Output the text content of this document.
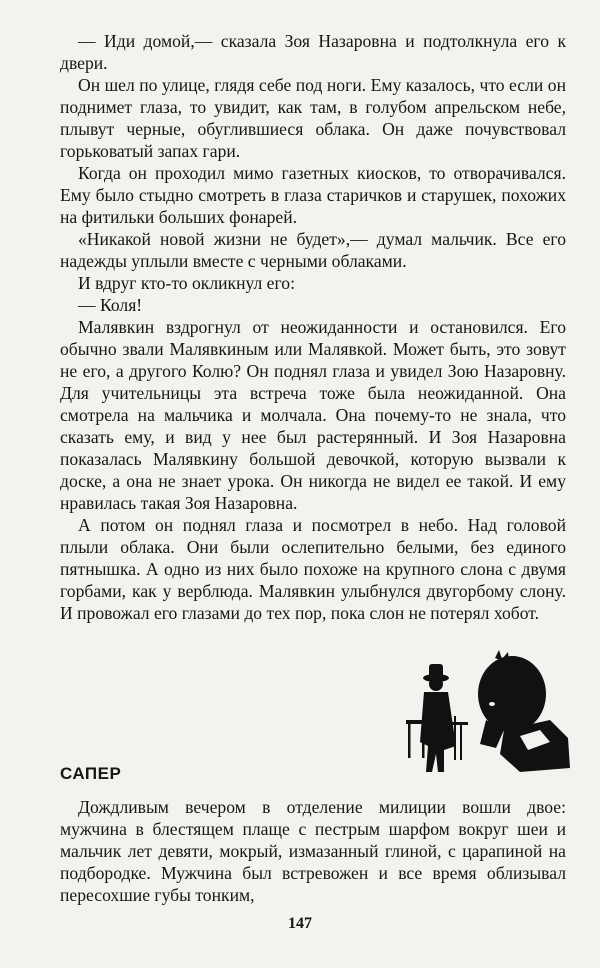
— Иди домой,— сказала Зоя Назаровна и подтолкнула его к двери.

Он шел по улице, глядя себе под ноги. Ему казалось, что если он поднимет глаза, то увидит, как там, в голубом апрельском небе, плывут черные, обуглившиеся облака. Он даже почувствовал горьковатый запах гари.

Когда он проходил мимо газетных киосков, то отворачивался. Ему было стыдно смотреть в глаза старичков и старушек, похожих на фитильки больших фонарей.

«Никакой новой жизни не будет»,— думал мальчик. Все его надежды уплыли вместе с черными облаками.

И вдруг кто-то окликнул его:

— Коля!

Малявкин вздрогнул от неожиданности и остановился. Его обычно звали Малявкиным или Малявкой. Может быть, это зовут не его, а другого Колю? Он поднял глаза и увидел Зою Назаровну. Для учительницы эта встреча тоже была неожиданной. Она смотрела на мальчика и молчала. Она почему-то не знала, что сказать ему, и вид у нее был растерянный. И Зоя Назаровна показалась Малявкину большой девочкой, которую вызвали к доске, а она не знает урока. Он никогда не видел ее такой. И ему нравилась такая Зоя Назаровна.

А потом он поднял глаза и посмотрел в небо. Над головой плыли облака. Они были ослепительно белыми, без единого пятнышка. А одно из них было похоже на крупного слона с двумя горбами, как у верблюда. Малявкин улыбнулся двугорбому слону. И провожал его глазами до тех пор, пока слон не потерял хобот.

САПЕР

Дождливым вечером в отделение милиции вошли двое: мужчина в блестящем плаще с пестрым шарфом вокруг шеи и мальчик лет девяти, мокрый, измазанный глиной, с царапиной на подбородке. Мужчина был встревожен и все время облизывал пересохшие губы тонким,

147
